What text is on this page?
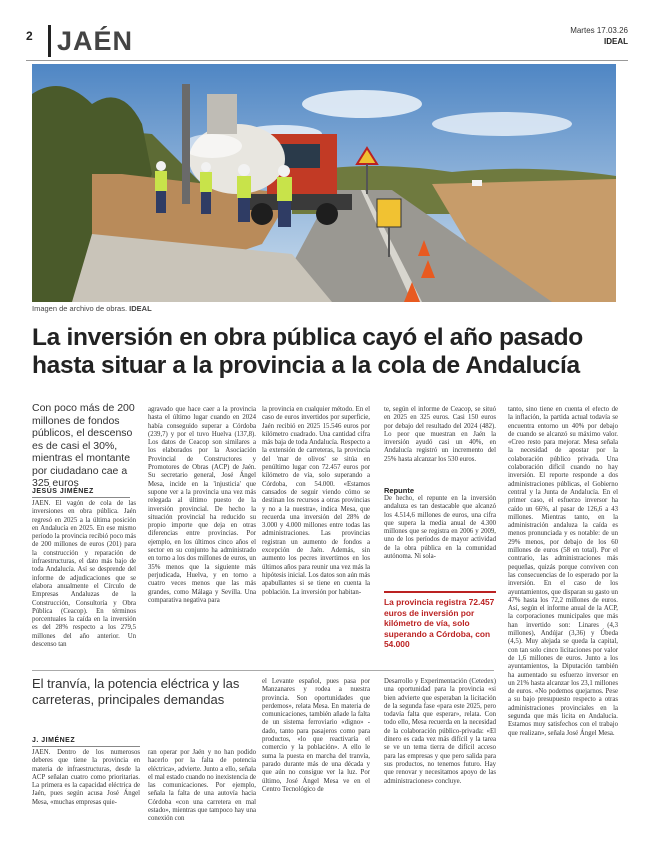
2 JAÉN	Martes 17.03.26
IDEAL
Imagen de archivo de obras. IDEAL
La inversión en obra pública cayó el año pasado hasta situar a la provincia a la cola de Andalucía
Con poco más de 200 millones de fondos públicos, el descenso es de casi el 30%, mientras el montante por ciudadano cae a 325 euros
JESÚS JIMÉNEZ
JAÉN. El vagón de cola de las inversiones en obra pública. Jaén regresó en 2025 a la última posición en Andalucía en 2025. En ese mismo período la provincia recibió poco más de 200 millones de euros (201) para la construcción y reparación de infraestructuras, el dato más bajo de toda Andalucía. Así se desprende del informe de adjudicaciones que se elabora anualmente el Círculo de Empresas Andaluzas de la Construcción, Consultoría y Obra Pública (Ceacop). En términos porcentuales la caída en la inversión es del 28% respecto a los 279,5 millones del año anterior. Un descenso tan
agravado que hace caer a la provincia hasta el último lugar cuando en 2024 había conseguido superar a Córdoba (239,7) y por el tuvo Huelva (137,8). Los datos de Ceacop son similares a los elaborados por la Asociación Provincial de Constructores y Promotores de Obras (ACP) de Jaén. Su secretario general, José Ángel Mesa, incide en la 'injusticia' que supone ver a la provincia una vez más relegada al último puesto de la inversión provincial. De hecho la situación provincial ha reducido su propio importe que deja en otras diferencias entre provincias. Por ejemplo, en los últimos cinco años el sector en su conjunto ha administrado en torno a los dos millones de euros, un 35% menos que la siguiente más perjudicada, Huelva, y en torno a cuatro veces menos que las más grandes, como Málaga y Sevilla. Una comparativa negativa para
la provincia en cualquier método. En el caso de euros invertidos por superficie, Jaén recibió en 2025 15.546 euros por kilómetro cuadrado. Una cantidad cifra más baja de toda Andalucía. Respecto a la extensión de carreteras, la provincia del 'mar de olivos' se sitúa en penúltimo lugar con 72.457 euros por kilómetro de vía, solo superando a Córdoba, con 54.000. «Estamos cansados de seguir viendo cómo se destinan los recursos a otras provincias y no a la nuestra», indica Mesa, que recuerda una inversión del 28% de 3.000 y 4.000 millones entre todas las administraciones. Las provincias registran un aumento de fondos a excepción de Jaén. Además, sin aumento los pecres invertimos en los últimos años para reunir una vez más la hipótesis inicial. Los datos son aún más apabullantes si se tiene en cuenta la población. La inversión por habitan-
te, según el informe de Ceacop, se situó en 2025 en 325 euros. Casi 150 euros por debajo del resultado del 2024 (482). Lo peor que muestran en Jaén la inversión ayudó casi un 40%, en Andalucía registró un incremento del 25% hasta alcanzar los 530 euros.
Repunte
De hecho, el repunte en la inversión andaluza es tan destacable que alcanzó los 4.514,6 millones de euros, una cifra que supera la media anual de 4.300 millones que se registra en 2006 y 2009, uno de los períodos de mayor actividad de la obra pública en la comunidad autónoma. Ni sola-
La provincia registra 72.457 euros de inversión por kilómetro de vía, solo superando a Córdoba, con 54.000
tanto, sino tiene en cuenta el efecto de la inflación, la partida actual todavía se encuentra entorno un 40% por debajo de cuando se alcanzó su máximo valor. «Creo resto para mejorar. Mesa señala la necesidad de apostar por la colaboración público privada. Una colaboración difícil cuando no hay inversión. El reporte responde a dos administraciones públicas, el Gobierno central y la Junta de Andalucía. En el primer caso, el esfuerzo inversor ha caído un 66%, al pasar de 126,6 a 43 millones. Mientras tanto, en la administración andaluza la caída es menos pronunciada y es notable: de un 29% menos, por debajo de los 60 millones de euros (58 en total). Por el contrario, las administraciones más pequeñas, quizás porque conviven con las consecuencias de lo esperado por la inversión. En el caso de los ayuntamientos, que disparan su gasto un 47% hasta los 72,2 millones de euros. Así, según el informe anual de la ACP, la corporaciones municipales que más han invertido son: Linares (4,3 millones), Andújar (3,36) y Úbeda (4,5). Muy alejada se queda la capital, con tan solo cinco licitaciones por valor de 1,6 millones de euros. Junto a los ayuntamientos, la Diputación también ha aumentado su esfuerzo inversor en un 21% hasta alcanzar los 23,1 millones de euros. «No podemos quejarnos. Pese a su bajo presupuesto respecto a otras administraciones provinciales en la segunda que más licita en Andalucía. Estamos muy satisfechos con el trabajo que realizan», señala José Ángel Mesa.
El tranvía, la potencia eléctrica y las carreteras, principales demandas
J. JIMÉNEZ
JAÉN. Dentro de los numerosos deberes que tiene la provincia en materia de infraestructuras, desde la ACP señalan cuatro como prioritarias. La primera es la capacidad eléctrica de Jaén, pues según acusa José Ángel Mesa, «muchas empresas quie-
ran operar por Jaén y no han podido hacerlo por la falta de potencia eléctrica», advierte. Junto a ello, señala el mal estado cuando no inexistencia de las comunicaciones. Por ejemplo, señala la falta de una autovía hacia Córdoba «con una carretera en mal estado», mientras que tampoco hay una conexión con
el Levante español, pues pasa por Manzanares y rodea a nuestra provincia. Son oportunidades que perdemos», relata Mesa. En materia de comunicaciones, también añade la falta de un sistema ferroviario «digno» - dado, tanto para pasajeros como para productos, «lo que reactivaría el comercio y la población». A ello le suma la puesta en marcha del tranvía, parado durante más de una década y que aún no consigue ver la luz. Por último, José Ángel Mesa ve en el Centro Tecnológico de
Desarrollo y Experimentación (Cetedex) una oportunidad para la provincia «si bien advierte que esperaban la licitación de la segunda fase «para este 2025, pero todavía falta que esperar», relata. Con todo ello, Mesa recuerda en la necesidad de la colaboración público-privada: «El dinero es cada vez más difícil y la tarea se ve un tema tierra de difícil acceso para las empresas y que pero salida para sus productos, no tenemos futuro. Hay que renovar y necesitamos apoyo de las administraciones» concluye.
